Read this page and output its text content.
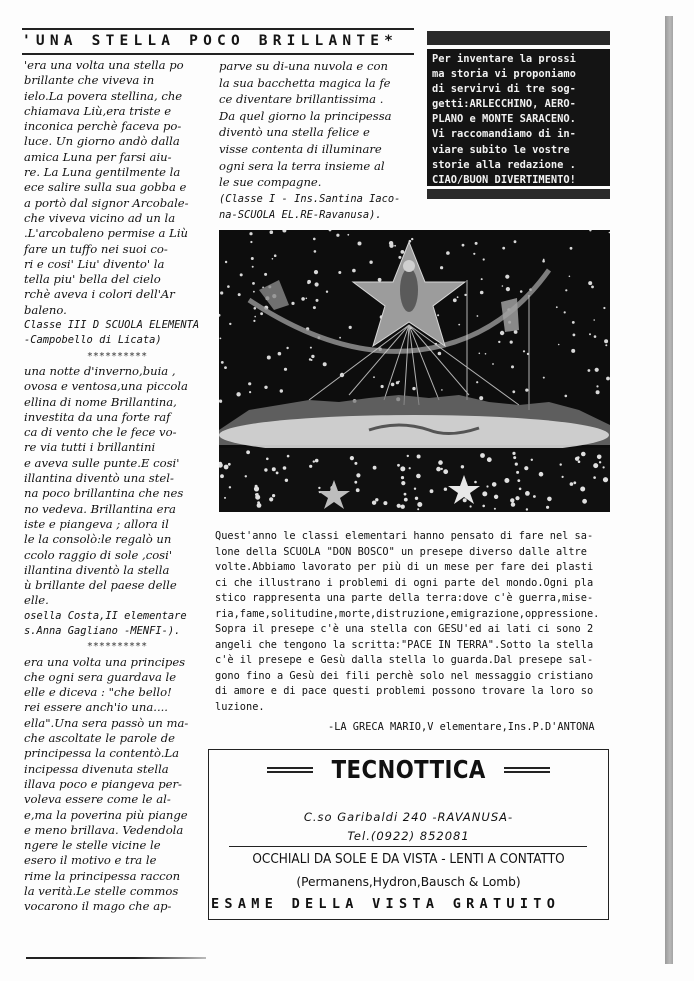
'UNA STELLA POCO BRILLANTE*

'era una volta una stella po

brillante che viveva in

ielo.La povera stellina, che

chiamava Liù,era triste e

inconica perchè faceva po-

luce. Un giorno andò dalla

amica Luna per farsi aiu-

re. La Luna gentilmente la

ece salire sulla sua gobba e

a portò dal signor Arcobale-

che viveva vicino ad un la

.L'arcobaleno permise a Liù

fare un tuffo nei suoi co-

ri e cosi' Liu' divento' la

tella piu' bella del cielo

rchè aveva i colori dell'Ar

baleno.

Classe III D SCUOLA ELEMENTA

-Campobello di Licata)

**********

una notte d'inverno,buia ,

ovosa e ventosa,una piccola

ellina di nome Brillantina,

investita da una forte raf

ca di vento che le fece vo-

re via tutti i brillantini

e aveva sulle punte.E cosi'

illantina diventò una stel-

na poco brillantina che nes

no vedeva. Brillantina era

iste e piangeva ; allora il

le la consolò:le regalò un

ccolo raggio di sole ,cosi'

illantina diventò la stella

ù brillante del paese delle

elle.

osella Costa,II elementare

s.Anna Gagliano -MENFI-).

**********

era una volta una principes

che ogni sera guardava le

elle e diceva : "che bello!

rei essere anch'io una....

ella".Una sera passò un ma-

che ascoltate le parole de

principessa la contentò.La

incipessa divenuta stella

illava poco e piangeva per-

voleva essere come le al-

e,ma la poverina più piange

e meno brillava. Vedendola

ngere le stelle vicine le

esero il motivo e tra le

rime la principessa raccon

la verità.Le stelle commos

vocarono il mago che ap-

parve su di-una nuvola e con

la sua bacchetta magica la fe

ce diventare brillantissima .

Da quel giorno la principessa

diventò una stella felice e

visse contenta di illuminare

ogni sera la terra insieme al

le sue compagne.

(Classe I - Ins.Santina Iaco-

na-SCUOLA EL.RE-Ravanusa).

Per inventare la prossi

ma storia vi proponiamo

di servirvi di tre sog-

getti:ARLECCHINO, AERO-

PLANO e MONTE SARACENO.

Vi raccomandiamo di in-

viare subito le vostre

storie alla redazione .

CIAO/BUON DIVERTIMENTO!

Quest'anno le classi elementari hanno pensato di fare nel sa-

lone della SCUOLA "DON BOSCO" un presepe diverso dalle altre

volte.Abbiamo lavorato per più di un mese per fare dei plasti

ci che illustrano i problemi di ogni parte del mondo.Ogni pla

stico rappresenta una parte della terra:dove c'è guerra,mise-

ria,fame,solitudine,morte,distruzione,emigrazione,oppressione.

Sopra il presepe c'è una stella con GESU'ed ai lati ci sono 2

angeli che tengono la scritta:"PACE IN TERRA".Sotto la stella

c'è il presepe e Gesù dalla stella lo guarda.Dal presepe sal-

gono fino a Gesù dei fili perchè solo nel messaggio cristiano

di amore e di pace questi problemi possono trovare la loro so

luzione.

-LA GRECA MARIO,V elementare,Ins.P.D'ANTONA
TECNOTTICA
C.so Garibaldi 240 -RAVANUSA-
Tel.(0922) 852081
OCCHIALI DA SOLE E DA VISTA - LENTI A CONTATTO
(Permanens,Hydron,Bausch & Lomb)
ESAME DELLA VISTA GRATUITO
